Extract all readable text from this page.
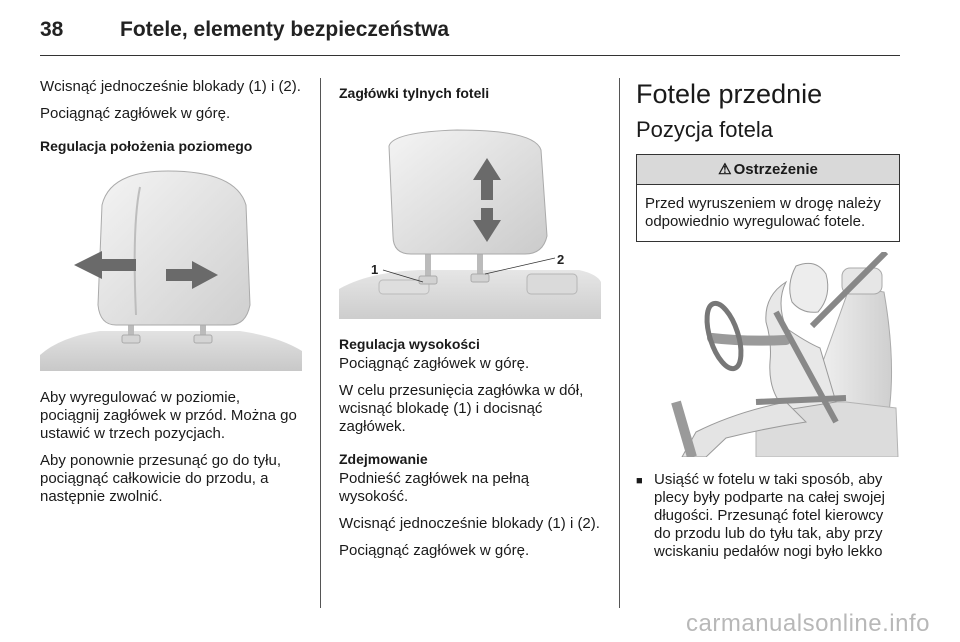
38	Fotele, elementy bezpieczeństwa

Wcisnąć jednocześnie blokady (1) i (2).

Pociągnąć zagłówek w górę.

Regulacja położenia poziomego

Aby wyregulować w poziomie, pociągnij zagłówek w przód. Można go ustawić w trzech pozycjach.

Aby ponownie przesunąć go do tyłu, pociągnąć całkowicie do przodu, a następnie zwolnić.

Zagłówki tylnych foteli

1
2

Regulacja wysokości

Pociągnąć zagłówek w górę.

W celu przesunięcia zagłówka w dół, wcisnąć blokadę (1) i docisnąć zagłówek.

Zdejmowanie

Podnieść zagłówek na pełną wysokość.

Wcisnąć jednocześnie blokady (1) i (2).

Pociągnąć zagłówek w górę.

Fotele przednie
Pozycja fotela
⚠ Ostrzeżenie
Przed wyruszeniem w drogę należy odpowiednio wyregulować fotele.
■ Usiąść w fotelu w taki sposób, aby plecy były podparte na całej swojej długości. Przesunąć fotel kierowcy do przodu lub do tyłu tak, aby przy wciskaniu pedałów nogi było lekko
carmanualsonline.info
